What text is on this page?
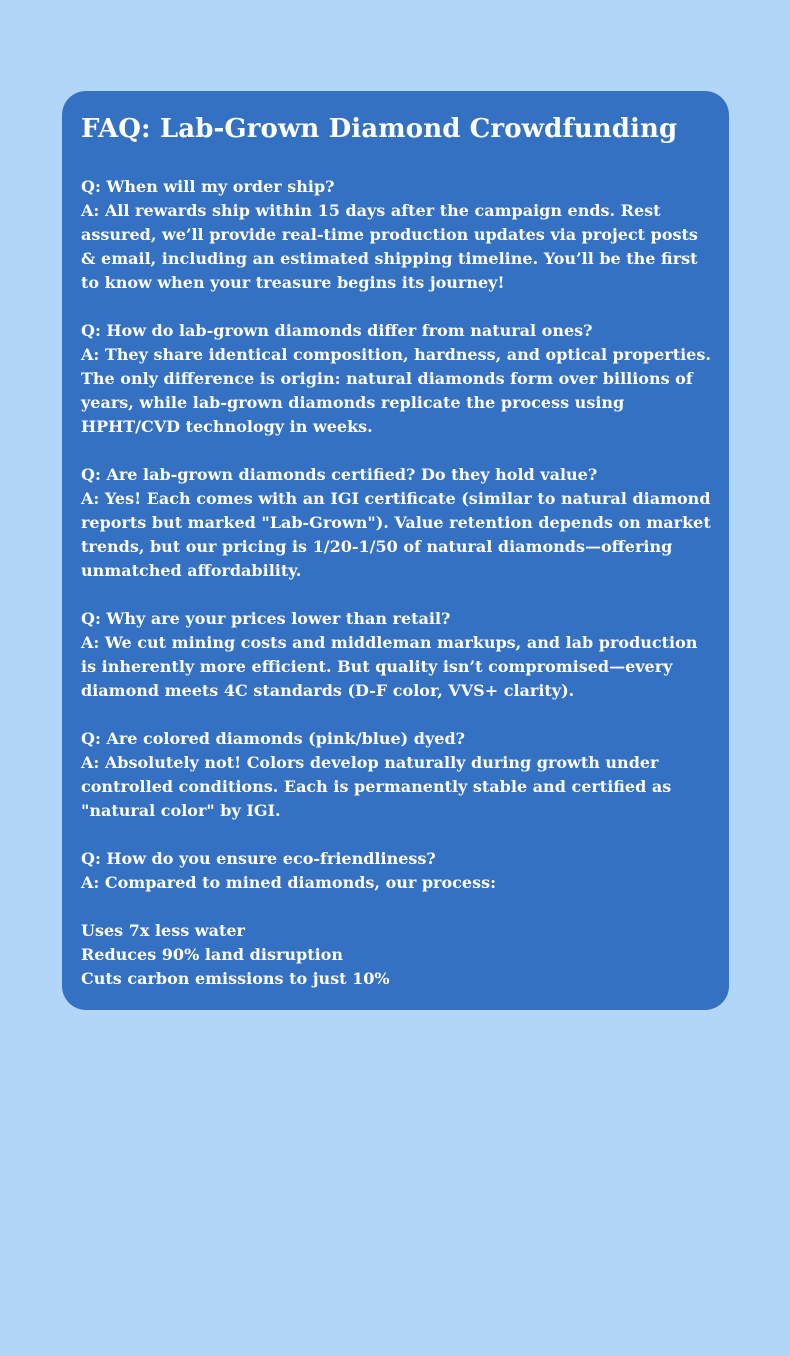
FAQ: Lab-Grown Diamond Crowdfunding

Q: When will my order ship?

A: All rewards ship within 15 days after the campaign ends. Rest assured, we’ll provide real-time production updates via project posts & email, including an estimated shipping timeline. You’ll be the first to know when your treasure begins its journey!

Q: How do lab-grown diamonds differ from natural ones?

A: They share identical composition, hardness, and optical properties. The only difference is origin: natural diamonds form over billions of years, while lab-grown diamonds replicate the process using HPHT/CVD technology in weeks.

Q: Are lab-grown diamonds certified? Do they hold value?

A: Yes! Each comes with an IGI certificate (similar to natural diamond reports but marked "Lab-Grown"). Value retention depends on market trends, but our pricing is 1/20-1/50 of natural diamonds—offering unmatched affordability.

Q: Why are your prices lower than retail?

A: We cut mining costs and middleman markups, and lab production is inherently more efficient. But quality isn’t compromised—every diamond meets 4C standards (D-F color, VVS+ clarity).

Q: Are colored diamonds (pink/blue) dyed?

A: Absolutely not! Colors develop naturally during growth under controlled conditions. Each is permanently stable and certified as "natural color" by IGI.

Q: How do you ensure eco-friendliness?

A: Compared to mined diamonds, our process:

Uses 7x less water
Reduces 90% land disruption
Cuts carbon emissions to just 10%
